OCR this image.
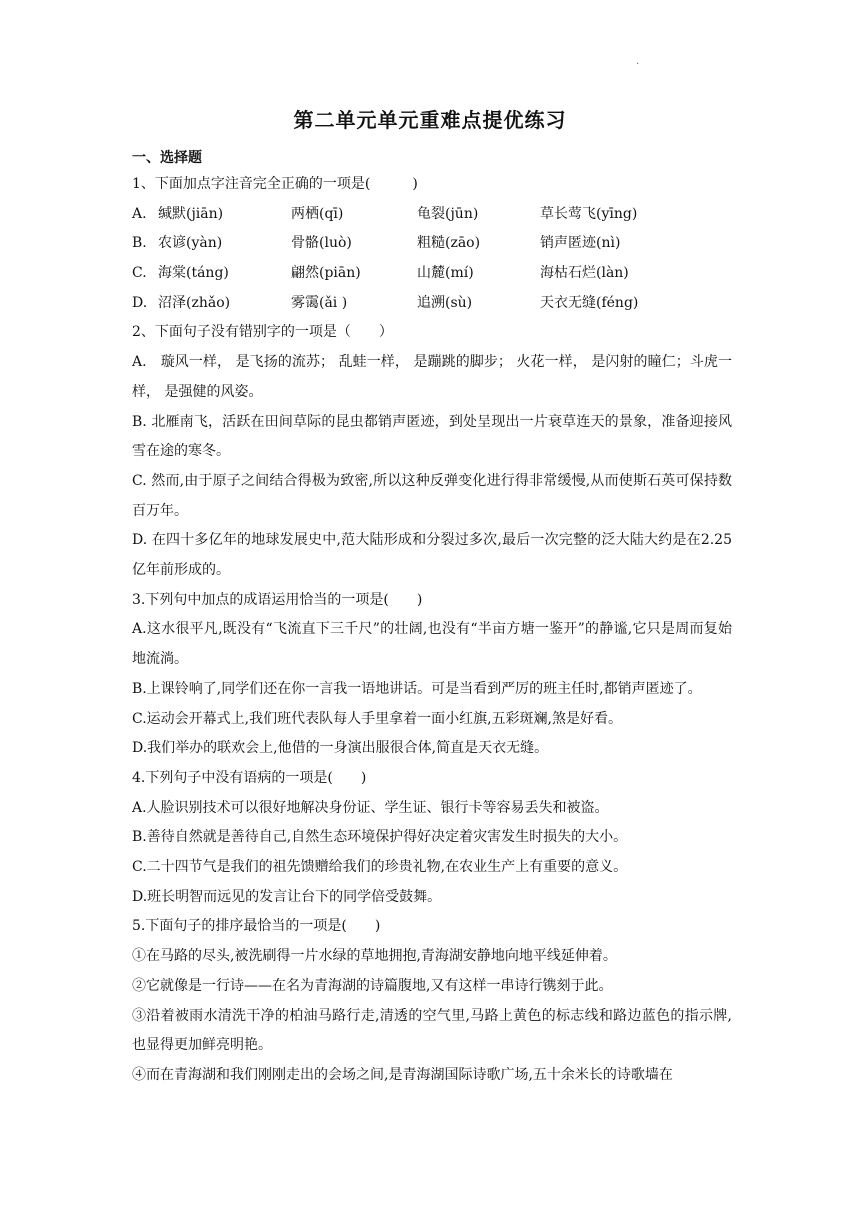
.
第二单元单元重难点提优练习
一、选择题
1、下面加点字注音完全正确的一项是(　　　)
A. 缄默(jiān)	两栖(qī)	龟裂(jūn)	草长莺飞(yīng)
B. 农谚(yàn)	骨骼(luò)	粗糙(zāo)	销声匿迹(nì)
C. 海棠(táng)	翩然(piān)	山麓(mí)	海枯石烂(làn)
D. 沼泽(zhǎo)	雾霭(ǎi )	追溯(sù)	天衣无缝(féng)
2、下面句子没有错别字的一项是（　　）
A.　璇风一样， 是飞扬的流苏； 乱蛙一样， 是蹦跳的脚步； 火花一样， 是闪射的瞳仁；斗虎一样， 是强健的风姿。
B. 北雁南飞，活跃在田间草际的昆虫都销声匿迹，到处呈现出一片衰草连天的景象，准备迎接风雪在途的寒冬。
C. 然而,由于原子之间结合得极为致密,所以这种反弹变化进行得非常缓慢,从而使斯石英可保持数百万年。
D. 在四十多亿年的地球发展史中,范大陆形成和分裂过多次,最后一次完整的泛大陆大约是在2.25亿年前形成的。
3.下列句中加点的成语运用恰当的一项是(　　)
A.这水很平凡,既没有“飞流直下三千尺”的壮阔,也没有“半亩方塘一鉴开”的静谧,它只是周而复始地流淌。
B.上课铃响了,同学们还在你一言我一语地讲话。可是当看到严厉的班主任时,都销声匿迹了。
C.运动会开幕式上,我们班代表队每人手里拿着一面小红旗,五彩斑斓,煞是好看。
D.我们举办的联欢会上,他借的一身演出服很合体,简直是天衣无缝。
4.下列句子中没有语病的一项是(　　)
A.人脸识别技术可以很好地解决身份证、学生证、银行卡等容易丢失和被盗。
B.善待自然就是善待自己,自然生态环境保护得好决定着灾害发生时损失的大小。
C.二十四节气是我们的祖先馈赠给我们的珍贵礼物,在农业生产上有重要的意义。
D.班长明智而远见的发言让台下的同学倍受鼓舞。
5.下面句子的排序最恰当的一项是(　　)
①在马路的尽头,被洗刷得一片水绿的草地拥抱,青海湖安静地向地平线延伸着。
②它就像是一行诗——在名为青海湖的诗篇腹地,又有这样一串诗行镌刻于此。
③沿着被雨水清洗干净的柏油马路行走,清透的空气里,马路上黄色的标志线和路边蓝色的指示牌,也显得更加鲜亮明艳。
④而在青海湖和我们刚刚走出的会场之间,是青海湖国际诗歌广场,五十余米长的诗歌墙在
